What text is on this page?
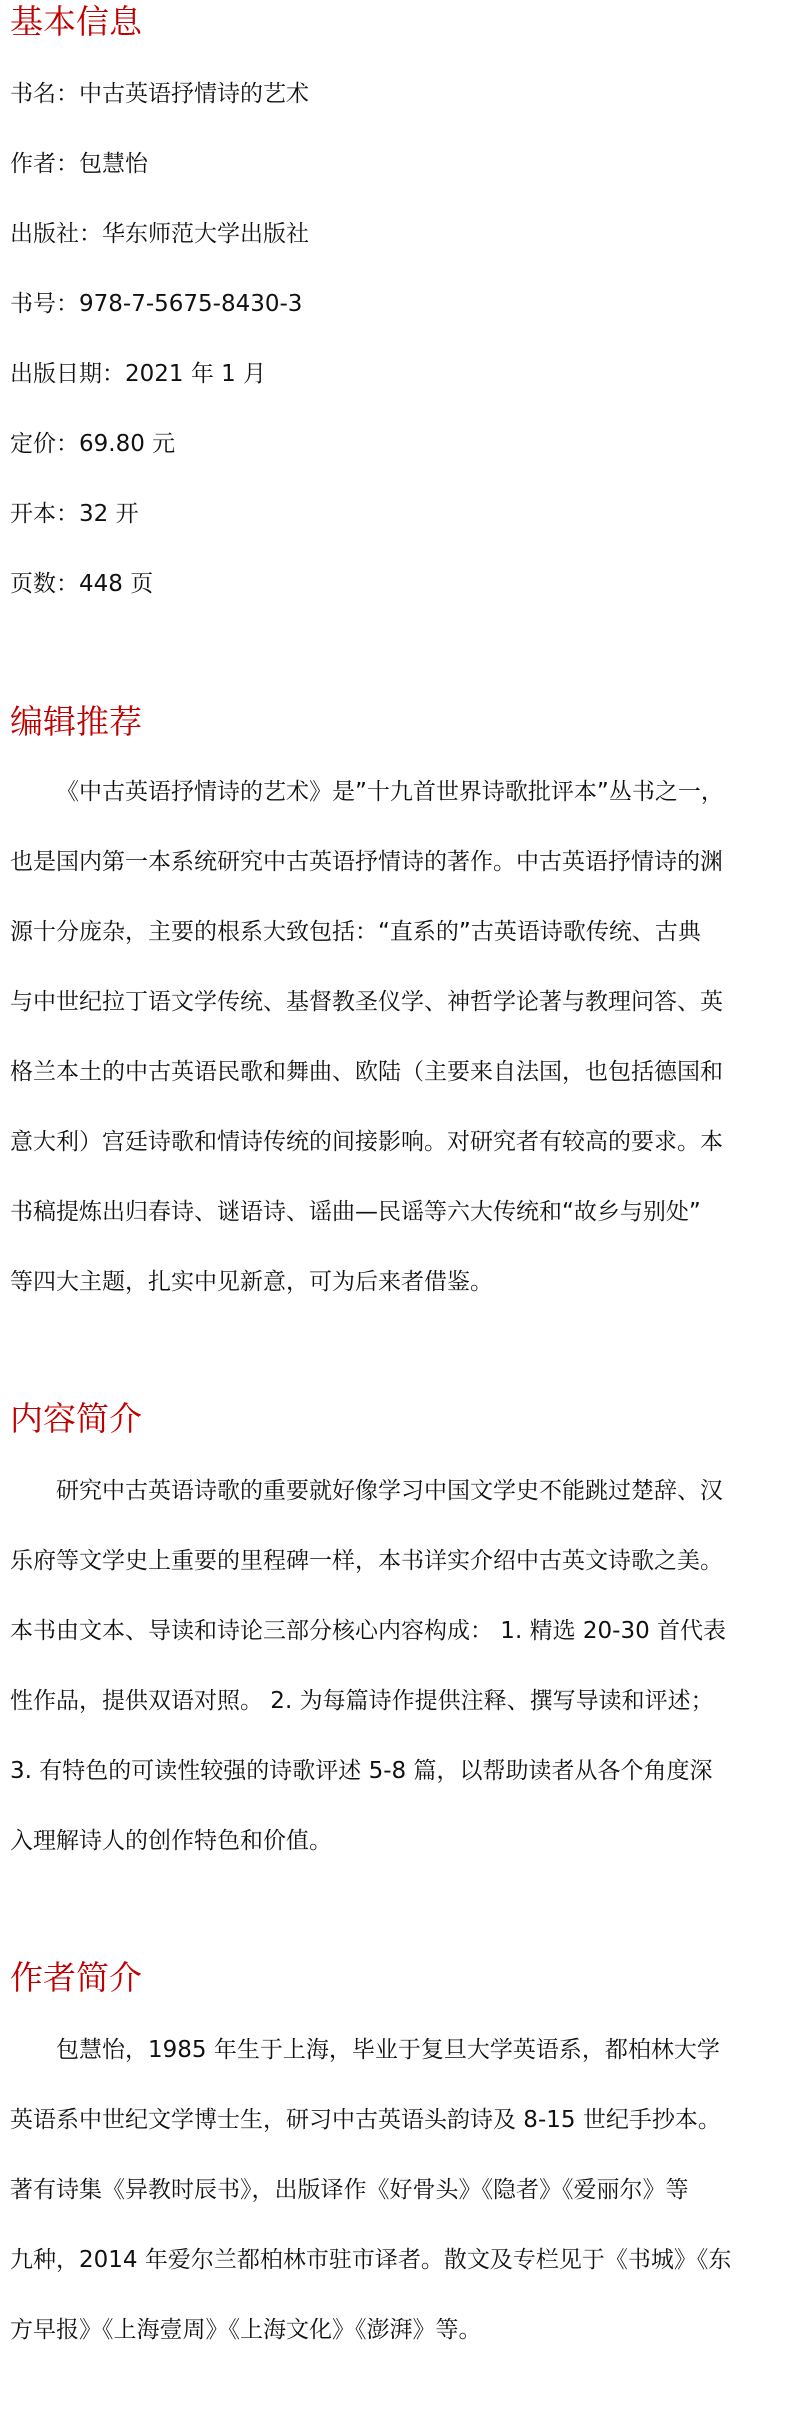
基本信息
书名：中古英语抒情诗的艺术
作者：包慧怡
出版社：华东师范大学出版社
书号：978-7-5675-8430-3
出版日期：2021 年 1 月
定价：69.80 元
开本：32 开
页数：448 页
编辑推荐
《中古英语抒情诗的艺术》是”十九首世界诗歌批评本”丛书之一，
也是国内第一本系统研究中古英语抒情诗的著作。中古英语抒情诗的渊
源十分庞杂，主要的根系大致包括：“直系的”古英语诗歌传统、古典
与中世纪拉丁语文学传统、基督教圣仪学、神哲学论著与教理问答、英
格兰本土的中古英语民歌和舞曲、欧陆（主要来自法国，也包括德国和
意大利）宫廷诗歌和情诗传统的间接影响。对研究者有较高的要求。本
书稿提炼出归春诗、谜语诗、谣曲—民谣等六大传统和“故乡与别处”
等四大主题，扎实中见新意，可为后来者借鉴。
内容简介
研究中古英语诗歌的重要就好像学习中国文学史不能跳过楚辞、汉
乐府等文学史上重要的里程碑一样，本书详实介绍中古英文诗歌之美。
本书由文本、导读和诗论三部分核心内容构成： 1. 精选 20-30 首代表
性作品，提供双语对照。 2. 为每篇诗作提供注释、撰写导读和评述；
3. 有特色的可读性较强的诗歌评述 5-8 篇，以帮助读者从各个角度深
入理解诗人的创作特色和价值。
作者简介
包慧怡，1985 年生于上海，毕业于复旦大学英语系，都柏林大学
英语系中世纪文学博士生，研习中古英语头韵诗及 8-15 世纪手抄本。
著有诗集《异教时辰书》，出版译作《好骨头》《隐者》《爱丽尔》等
九种，2014 年爱尔兰都柏林市驻市译者。散文及专栏见于《书城》《东
方早报》《上海壹周》《上海文化》《澎湃》等。
